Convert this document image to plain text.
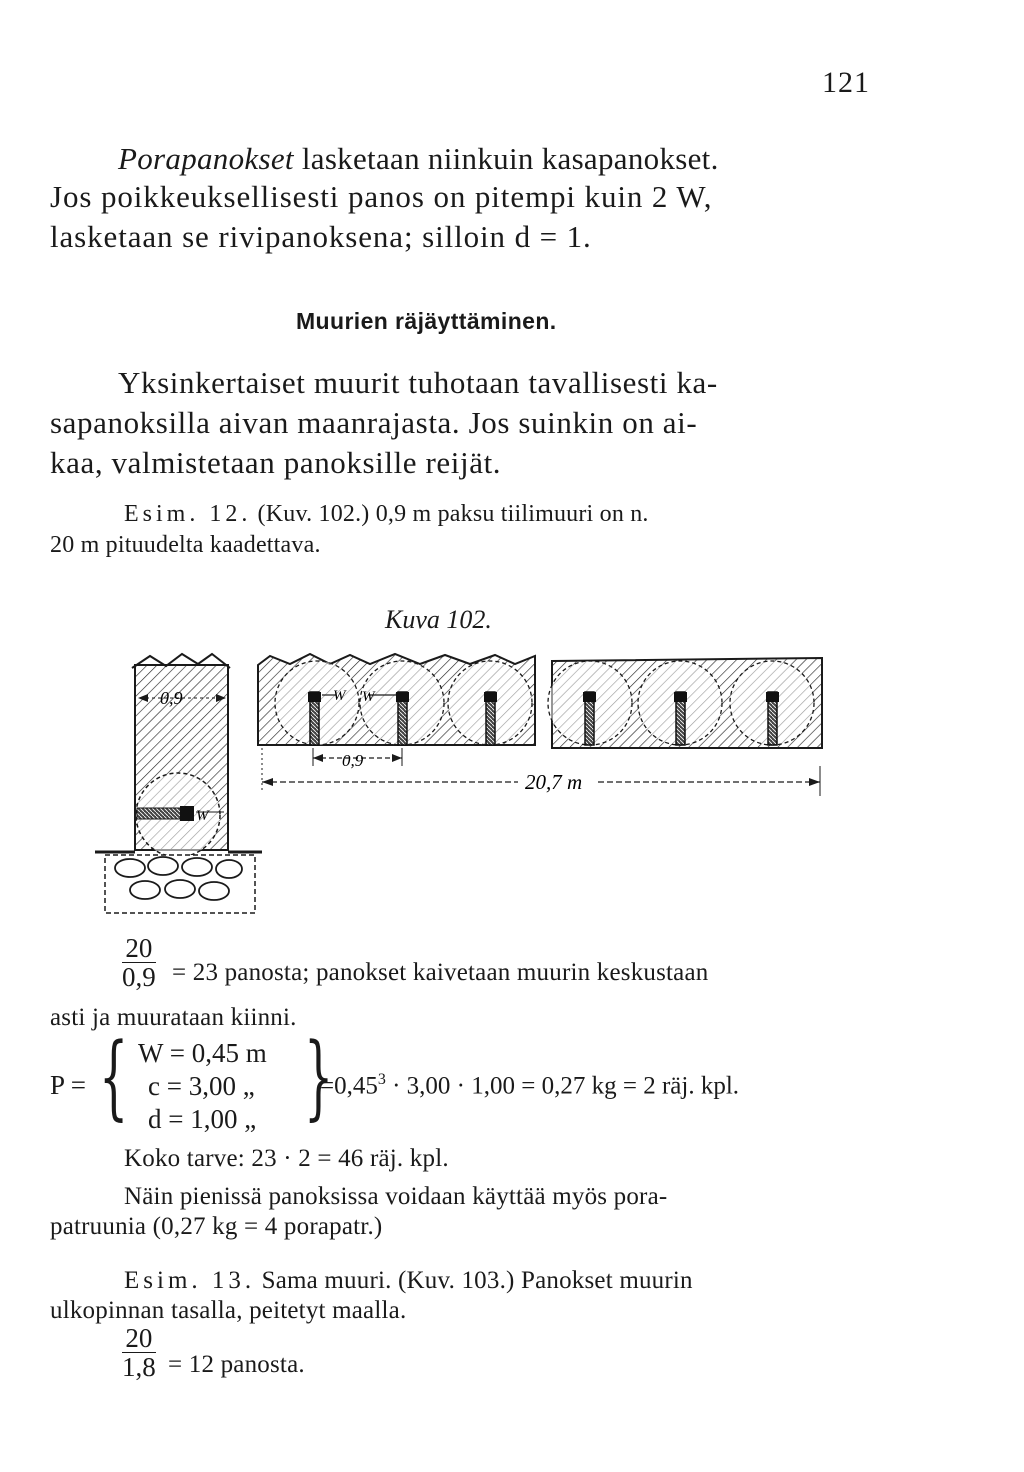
121
Porapanokset lasketaan niinkuin kasapanokset.
Jos poikkeuksellisesti panos on pitempi kuin 2 W,
lasketaan se rivipanoksena; silloin d = 1.
Muurien räjäyttäminen.
Yksinkertaiset muurit tuhotaan tavallisesti ka-
sapanoksilla aivan maanrajasta. Jos suinkin on ai-
kaa, valmistetaan panoksille reijät.
Esim. 12. (Kuv. 102.) 0,9 m paksu tiilimuuri on n.
20 m pituudelta kaadettava.
Kuva 102.
0,9
W
W W
0,9
20,7 m
$\frac{20}{0,9} = 23$ panosta; panokset kaivetaan muurin keskustaan
asti ja muurataan kiinni.
P = { W = 0,45 m
c = 3,00 „
d = 1,00 „ }
$=0,45^3 \cdot 3,00 \cdot 1,00 = 0,27$ kg = 2 räj. kpl.
Koko tarve: 23 · 2 = 46 räj. kpl.
Näin pienissä panoksissa voidaan käyttää myös pora-
patruunia (0,27 kg = 4 porapatr.)
Esim. 13. Sama muuri. (Kuv. 103.) Panokset muurin
ulkopinnan tasalla, peitetyt maalla.
$\frac{20}{1,8} = 12$ panosta.
